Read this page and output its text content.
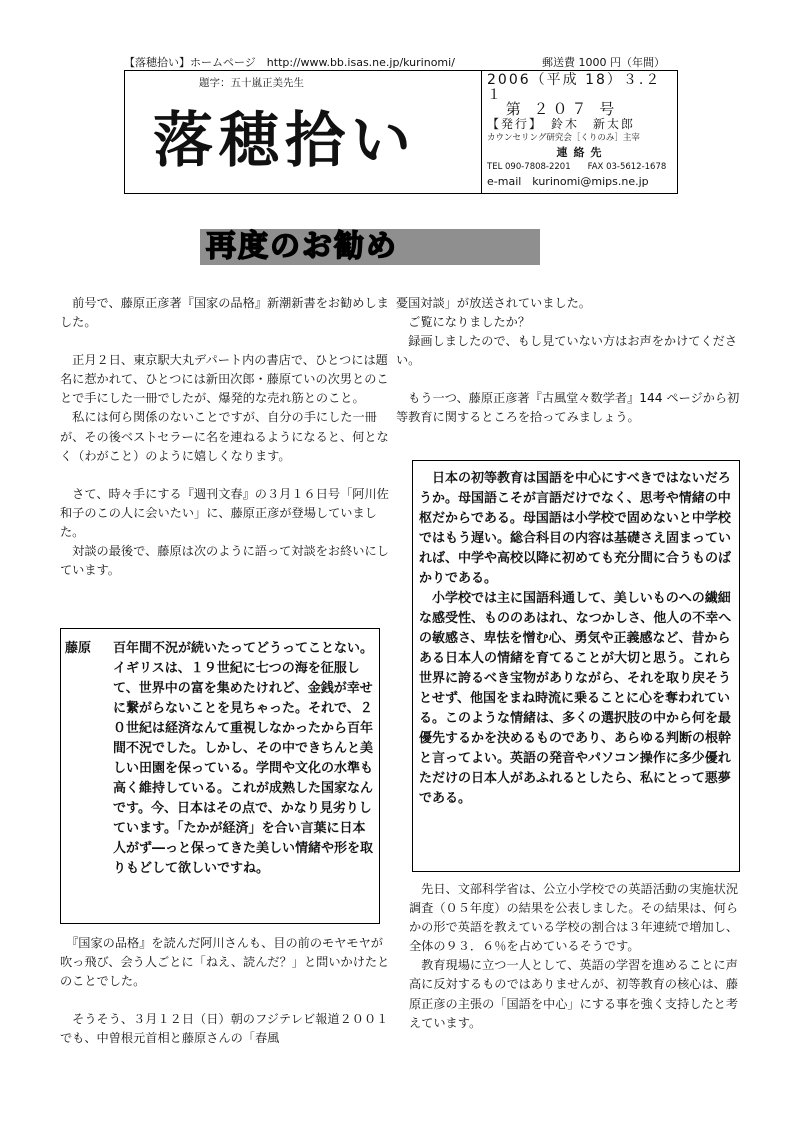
【落穂拾い】ホームページ　http://www.bb.isas.ne.jp/kurinomi/	郵送費 1000 円（年間）
題字：五十嵐正美先生
落穂拾い
2006（平成 18）３.２１
第 ２０７ 号
【発行】　鈴木　新太郎
カウンセリング研究会［くりのみ］主宰
連絡先
TEL 090-7808-2201　　FAX 03-5612-1678
e-mail　kurinomi@mips.ne.jp
再度のお勧め

　前号で、藤原正彦著『国家の品格』新潮新書をお勧めしました。

　正月２日、東京駅大丸デパート内の書店で、ひとつには題名に惹かれて、ひとつには新田次郎・藤原ていの次男とのことで手にした一冊でしたが、爆発的な売れ筋とのこと。

　私には何ら関係のないことですが、自分の手にした一冊が、その後ベストセラーに名を連ねるようになると、何となく（わがこと）のように嬉しくなります。

　さて、時々手にする『週刊文春』の３月１６日号「阿川佐和子のこの人に会いたい」に、藤原正彦が登場していました。

　対談の最後で、藤原は次のように語って対談をお終いにしています。

藤原 百年間不況が続いたってどうってことない。イギリスは、１９世紀に七つの海を征服して、世界中の富を集めたけれど、金銭が幸せに繋がらないことを見ちゃった。それで、２０世紀は経済なんて重視しなかったから百年間不況でした。しかし、その中できちんと美しい田園を保っている。学問や文化の水準も高く維持している。これが成熟した国家なんです。今、日本はその点で、かなり見劣りしています。「たかが経済」を合い言葉に日本人がず―っと保ってきた美しい情緒や形を取りもどして欲しいですね。

　『国家の品格』を読んだ阿川さんも、目の前のモヤモヤが吹っ飛び、会う人ごとに「ねえ、読んだ？」と問いかけたとのことでした。

　そうそう、３月１２日（日）朝のフジテレビ報道２００１でも、中曽根元首相と藤原さんの「春風

憂国対談」が放送されていました。

　ご覧になりましたか？

　録画しましたので、もし見ていない方はお声をかけてください。

　もう一つ、藤原正彦著『古風堂々数学者』144 ページから初等教育に関するところを拾ってみましょう。

　日本の初等教育は国語を中心にすべきではないだろうか。母国語こそが言語だけでなく、思考や情緒の中枢だからである。母国語は小学校で固めないと中学校ではもう遅い。総合科目の内容は基礎さえ固まっていれば、中学や高校以降に初めても充分間に合うものばかりである。

　小学校では主に国語科通して、美しいものへの繊細な感受性、もののあはれ、なつかしさ、他人の不幸への敏感さ、卑怯を憎む心、勇気や正義感など、昔からある日本人の情緒を育てることが大切と思う。これら世界に誇るべき宝物がありながら、それを取り戻そうとせず、他国をまね時流に乗ることに心を奪われている。このような情緒は、多くの選択肢の中から何を最優先するかを決めるものであり、あらゆる判断の根幹と言ってよい。英語の発音やパソコン操作に多少優れただけの日本人があふれるとしたら、私にとって悪夢である。

　先日、文部科学省は、公立小学校での英語活動の実施状況調査（０５年度）の結果を公表しました。その結果は、何らかの形で英語を教えている学校の割合は３年連続で増加し、全体の９３．６％を占めているそうです。

　教育現場に立つ一人として、英語の学習を進めることに声高に反対するものではありませんが、初等教育の核心は、藤原正彦の主張の「国語を中心」にする事を強く支持したと考えています。
